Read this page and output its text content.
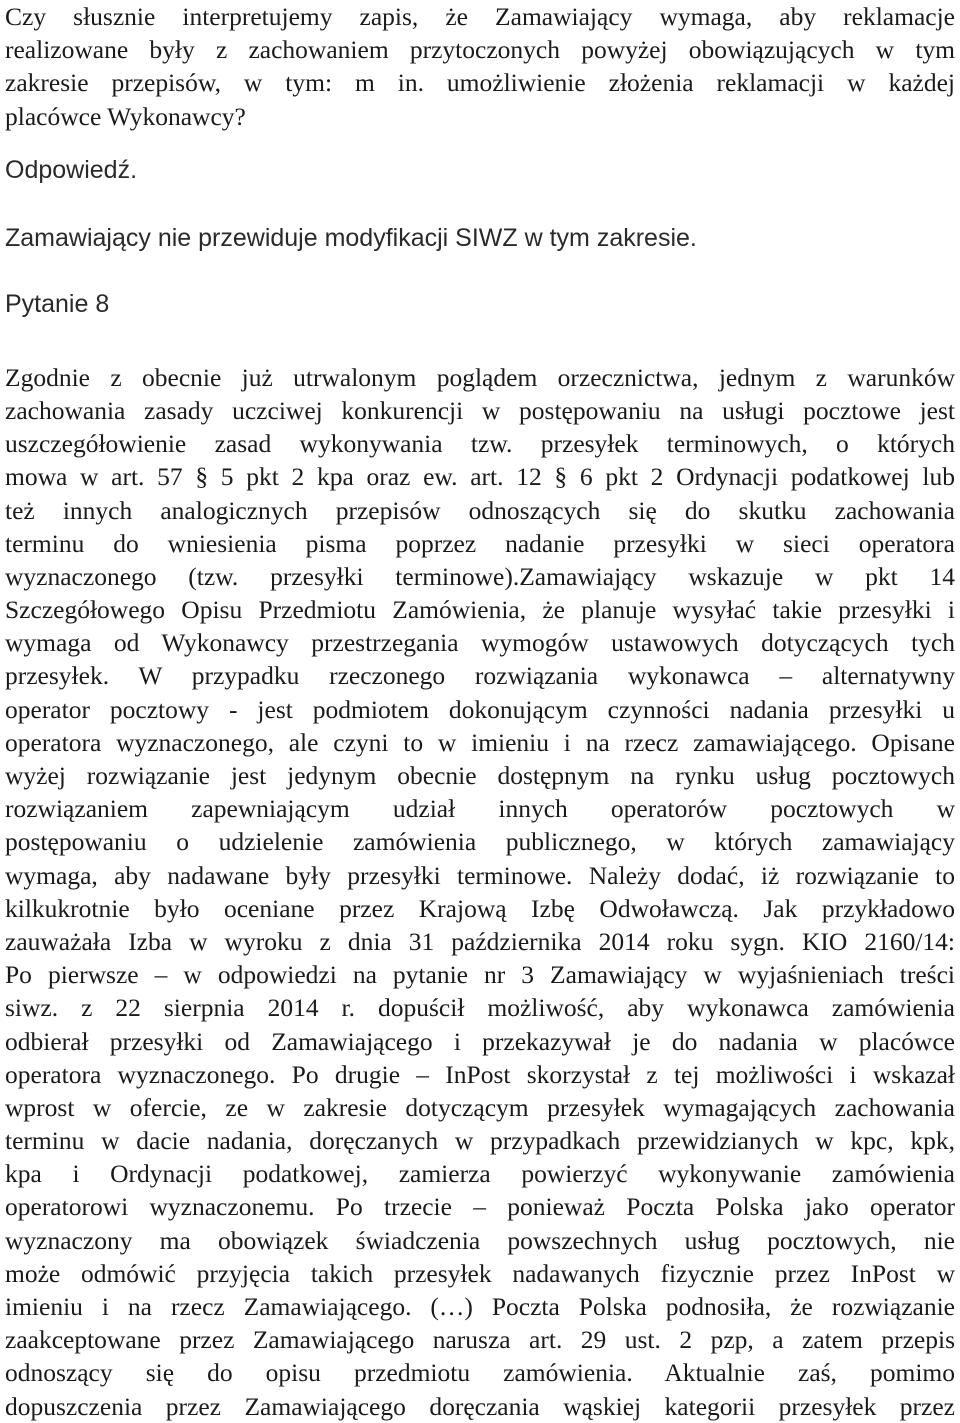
Czy słusznie interpretujemy zapis, że Zamawiający wymaga, aby reklamacje
realizowane były z zachowaniem przytoczonych powyżej obowiązujących w tym
zakresie przepisów, w tym: m in. umożliwienie złożenia reklamacji w każdej
placówce Wykonawcy?
Odpowiedź.
Zamawiający nie przewiduje modyfikacji SIWZ w tym zakresie.
Pytanie 8
Zgodnie z obecnie już utrwalonym poglądem orzecznictwa, jednym z warunków
zachowania zasady uczciwej konkurencji w postępowaniu na usługi pocztowe jest
uszczegółowienie zasad wykonywania tzw. przesyłek terminowych, o których
mowa w art. 57 § 5 pkt 2 kpa oraz ew. art. 12 § 6 pkt 2 Ordynacji podatkowej lub
też innych analogicznych przepisów odnoszących się do skutku zachowania
terminu do wniesienia pisma poprzez nadanie przesyłki w sieci operatora
wyznaczonego (tzw. przesyłki terminowe).Zamawiający wskazuje w pkt 14
Szczegółowego Opisu Przedmiotu Zamówienia, że planuje wysyłać takie przesyłki i
wymaga od Wykonawcy przestrzegania wymogów ustawowych dotyczących tych
przesyłek. W przypadku rzeczonego rozwiązania wykonawca – alternatywny
operator pocztowy - jest podmiotem dokonującym czynności nadania przesyłki u
operatora wyznaczonego, ale czyni to w imieniu i na rzecz zamawiającego. Opisane
wyżej rozwiązanie jest jedynym obecnie dostępnym na rynku usług pocztowych
rozwiązaniem zapewniającym udział innych operatorów pocztowych w
postępowaniu o udzielenie zamówienia publicznego, w których zamawiający
wymaga, aby nadawane były przesyłki terminowe. Należy dodać, iż rozwiązanie to
kilkukrotnie było oceniane przez Krajową Izbę Odwoławczą. Jak przykładowo
zauważała Izba w wyroku z dnia 31 października 2014 roku sygn. KIO 2160/14:
Po pierwsze – w odpowiedzi na pytanie nr 3 Zamawiający w wyjaśnieniach treści
siwz. z 22 sierpnia 2014 r. dopuścił możliwość, aby wykonawca zamówienia
odbierał przesyłki od Zamawiającego i przekazywał je do nadania w placówce
operatora wyznaczonego. Po drugie – InPost skorzystał z tej możliwości i wskazał
wprost w ofercie, ze w zakresie dotyczącym przesyłek wymagających zachowania
terminu w dacie nadania, doręczanych w przypadkach przewidzianych w kpc, kpk,
kpa i Ordynacji podatkowej, zamierza powierzyć wykonywanie zamówienia
operatorowi wyznaczonemu. Po trzecie – ponieważ Poczta Polska jako operator
wyznaczony ma obowiązek świadczenia powszechnych usług pocztowych, nie
może odmówić przyjęcia takich przesyłek nadawanych fizycznie przez InPost w
imieniu i na rzecz Zamawiającego. (…) Poczta Polska podnosiła, że rozwiązanie
zaakceptowane przez Zamawiającego narusza art. 29 ust. 2 pzp, a zatem przepis
odnoszący się do opisu przedmiotu zamówienia. Aktualnie zaś, pomimo
dopuszczenia przez Zamawiającego doręczania wąskiej kategorii przesyłek przez
